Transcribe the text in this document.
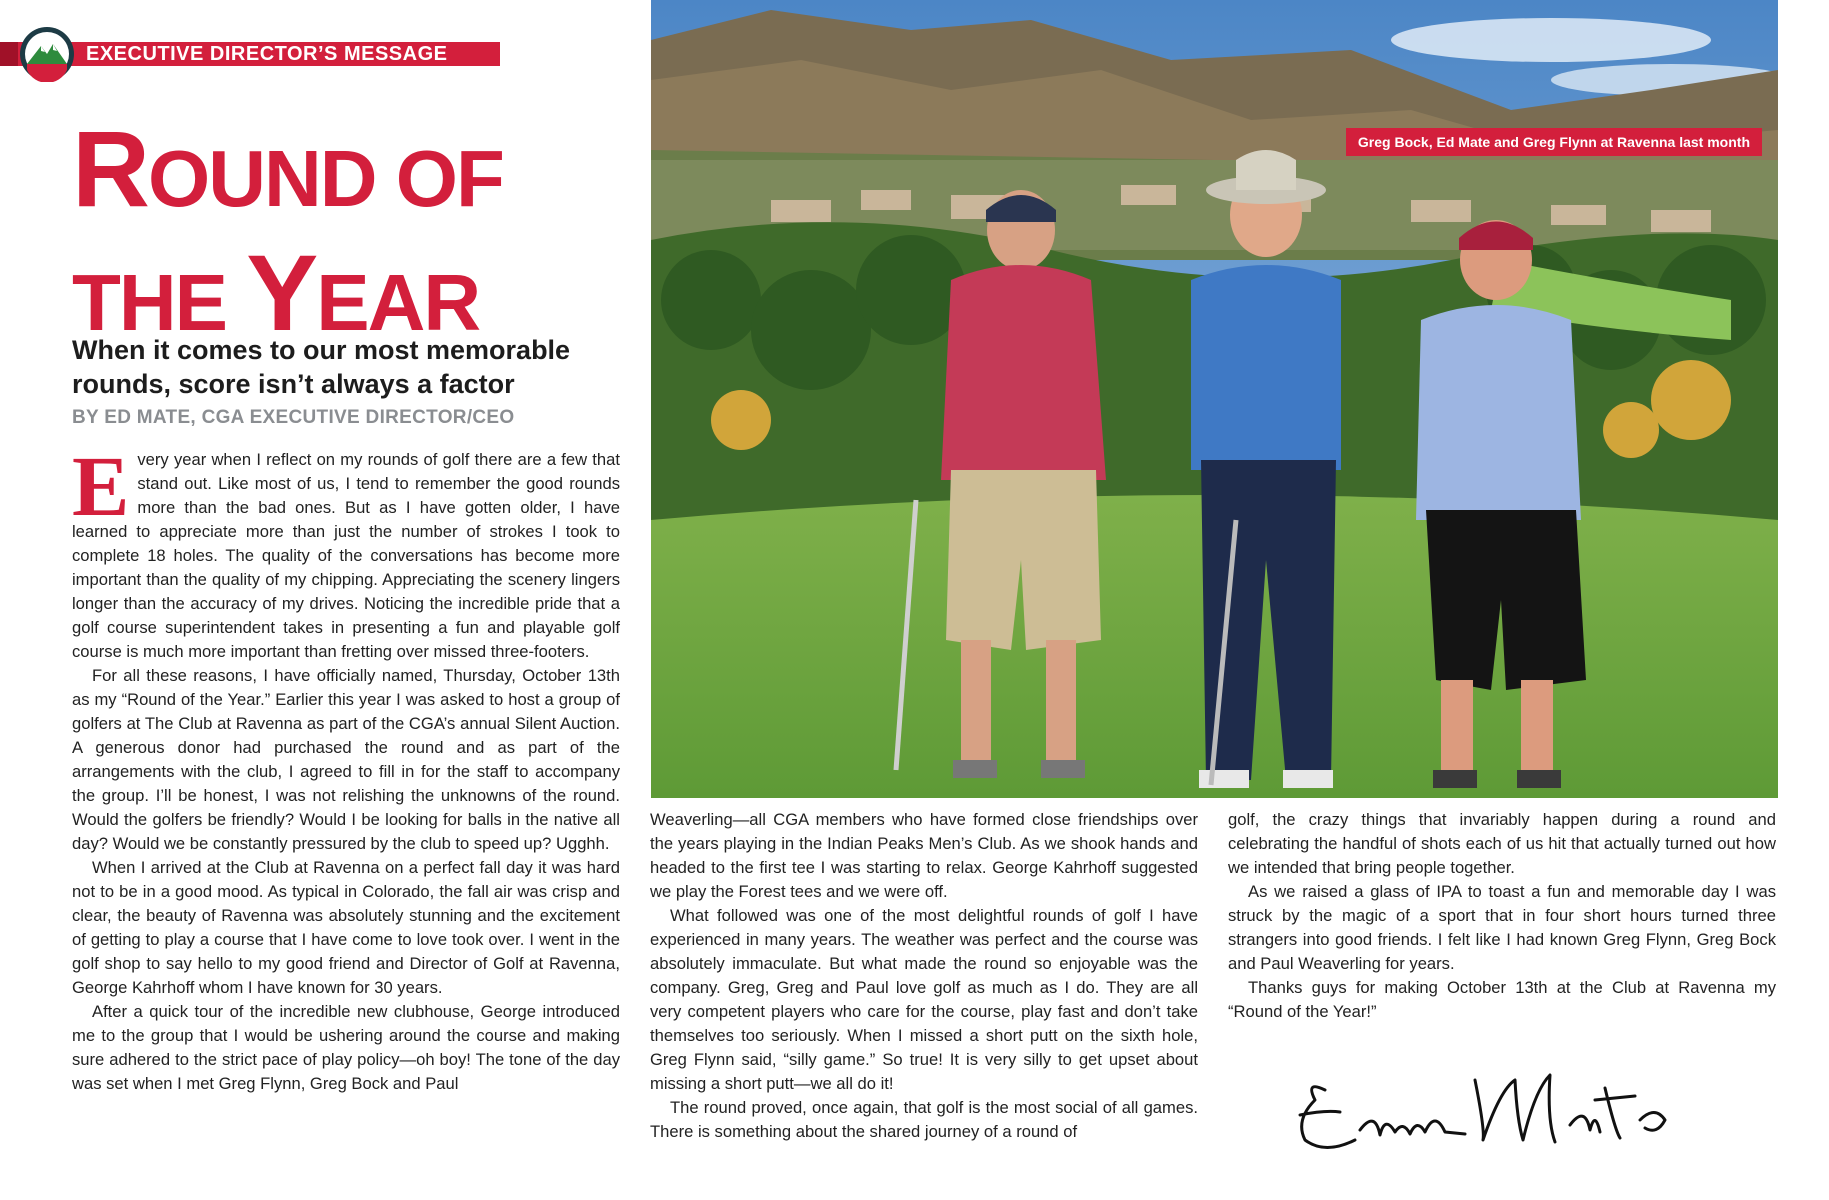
EXECUTIVE DIRECTOR’S MESSAGE
ROUND OF
THE YEAR
When it comes to our most memorable rounds, score isn’t always a factor
BY ED MATE, CGA EXECUTIVE DIRECTOR/CEO

Every year when I reflect on my rounds of golf there are a few that stand out. Like most of us, I tend to remember the good rounds more than the bad ones. But as I have gotten older, I have learned to appreciate more than just the number of strokes I took to complete 18 holes. The quality of the conversations has become more important than the quality of my chipping. Appreciating the scenery lingers longer than the accuracy of my drives. Noticing the incredible pride that a golf course superintendent takes in presenting a fun and playable golf course is much more important than fretting over missed three-footers.

For all these reasons, I have officially named, Thursday, October 13th as my “Round of the Year.” Earlier this year I was asked to host a group of golfers at The Club at Ravenna as part of the CGA’s annual Silent Auction. A generous donor had purchased the round and as part of the arrangements with the club, I agreed to fill in for the staff to accompany the group. I’ll be honest, I was not relishing the unknowns of the round. Would the golfers be friendly? Would I be looking for balls in the native all day? Would we be constantly pressured by the club to speed up? Ugghh.

When I arrived at the Club at Ravenna on a perfect fall day it was hard not to be in a good mood. As typical in Colorado, the fall air was crisp and clear, the beauty of Ravenna was absolutely stunning and the excitement of getting to play a course that I have come to love took over. I went in the golf shop to say hello to my good friend and Director of Golf at Ravenna, George Kahrhoff whom I have known for 30 years.

After a quick tour of the incredible new clubhouse, George introduced me to the group that I would be ushering around the course and making sure adhered to the strict pace of play policy—oh boy! The tone of the day was set when I met Greg Flynn, Greg Bock and Paul

Greg Bock, Ed Mate and Greg Flynn at Ravenna last month

Weaverling—all CGA members who have formed close friendships over the years playing in the Indian Peaks Men’s Club. As we shook hands and headed to the first tee I was starting to relax. George Kahrhoff suggested we play the Forest tees and we were off.

What followed was one of the most delightful rounds of golf I have experienced in many years. The weather was perfect and the course was absolutely immaculate. But what made the round so enjoyable was the company. Greg, Greg and Paul love golf as much as I do. They are all very competent players who care for the course, play fast and don’t take themselves too seriously. When I missed a short putt on the sixth hole, Greg Flynn said, “silly game.” So true! It is very silly to get upset about missing a short putt—we all do it!

The round proved, once again, that golf is the most social of all games. There is something about the shared journey of a round of

golf, the crazy things that invariably happen during a round and celebrating the handful of shots each of us hit that actually turned out how we intended that bring people together.

As we raised a glass of IPA to toast a fun and memorable day I was struck by the magic of a sport that in four short hours turned three strangers into good friends. I felt like I had known Greg Flynn, Greg Bock and Paul Weaverling for years.

Thanks guys for making October 13th at the Club at Ravenna my “Round of the Year!”
